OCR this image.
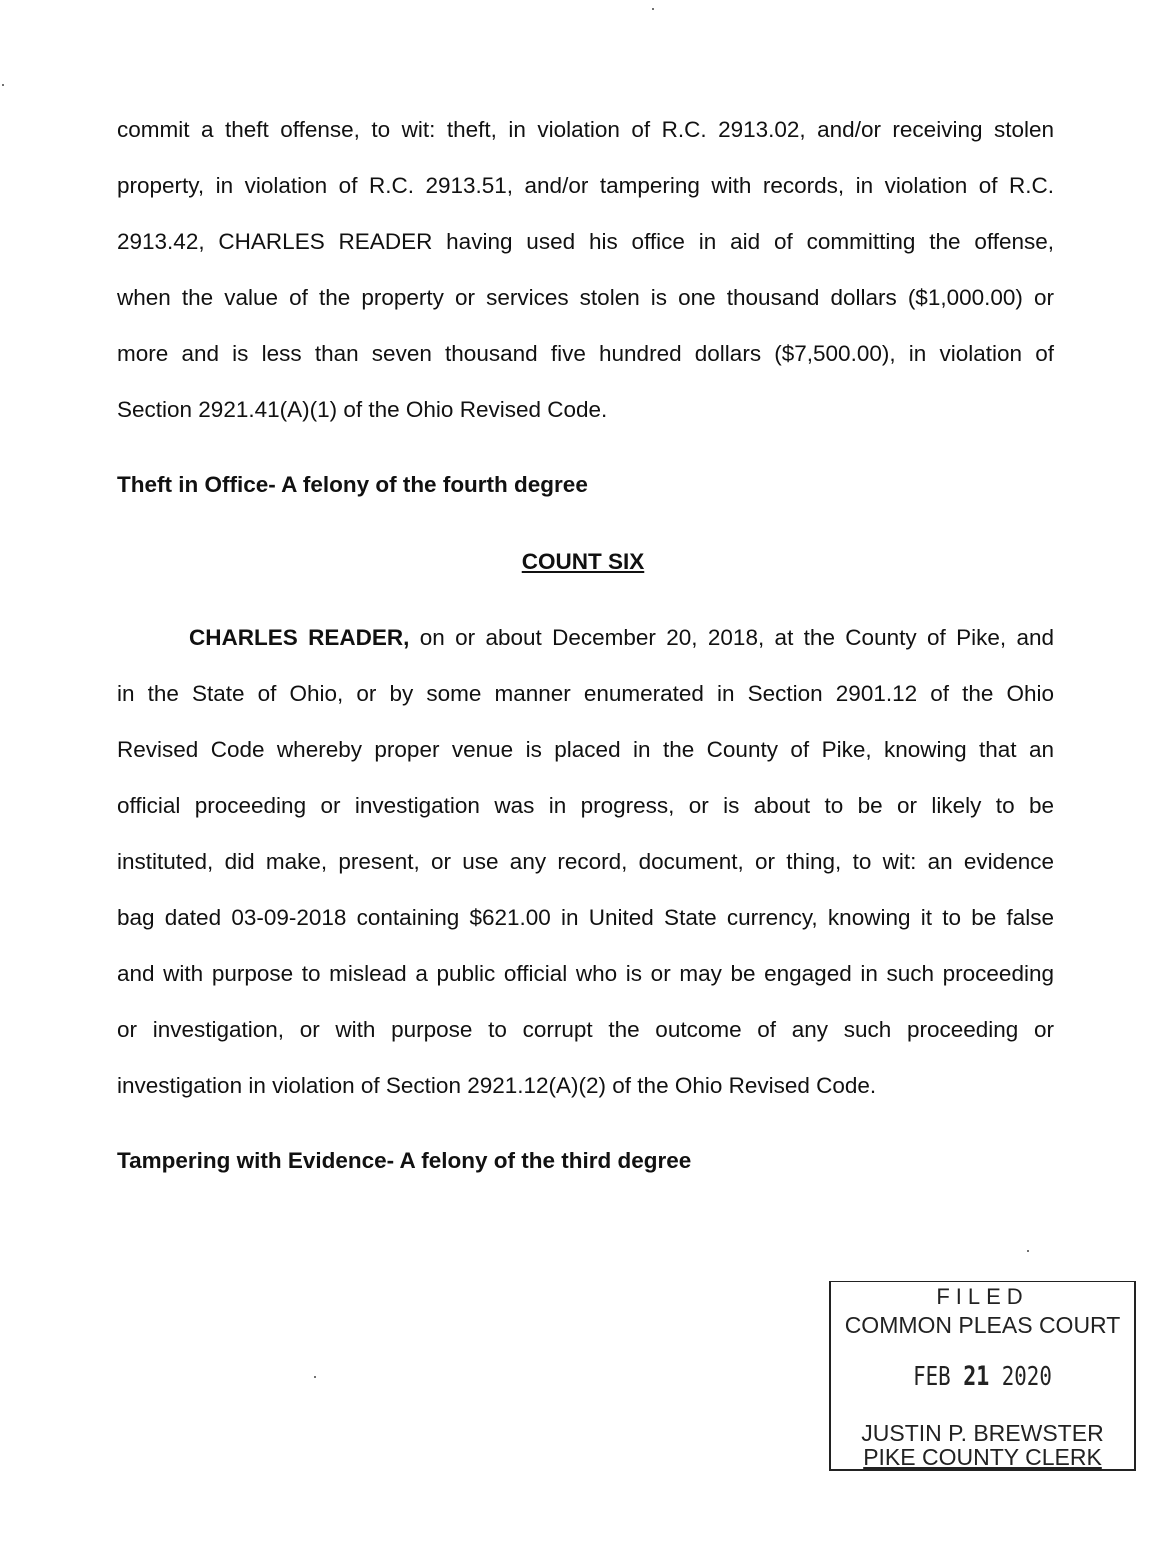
commit a theft offense, to wit: theft, in violation of R.C. 2913.02, and/or receiving stolen
property, in violation of R.C. 2913.51, and/or tampering with records, in violation of R.C.
2913.42, CHARLES READER having used his office in aid of committing the offense,
when the value of the property or services stolen is one thousand dollars ($1,000.00) or
more and is less than seven thousand five hundred dollars ($7,500.00), in violation of
Section 2921.41(A)(1) of the Ohio Revised Code.
Theft in Office- A felony of the fourth degree
COUNT SIX
CHARLES READER, on or about December 20, 2018, at the County of Pike, and
in the State of Ohio, or by some manner enumerated in Section 2901.12 of the Ohio
Revised Code whereby proper venue is placed in the County of Pike, knowing that an
official proceeding or investigation was in progress, or is about to be or likely to be
instituted, did make, present, or use any record, document, or thing, to wit: an evidence
bag dated 03-09-2018 containing $621.00 in United State currency, knowing it to be false
and with purpose to mislead a public official who is or may be engaged in such proceeding
or investigation, or with purpose to corrupt the outcome of any such proceeding or
investigation in violation of Section 2921.12(A)(2) of the Ohio Revised Code.
Tampering with Evidence- A felony of the third degree
FILED
COMMON PLEAS COURT
FEB 21 2020
JUSTIN P. BREWSTER
PIKE COUNTY CLERK
